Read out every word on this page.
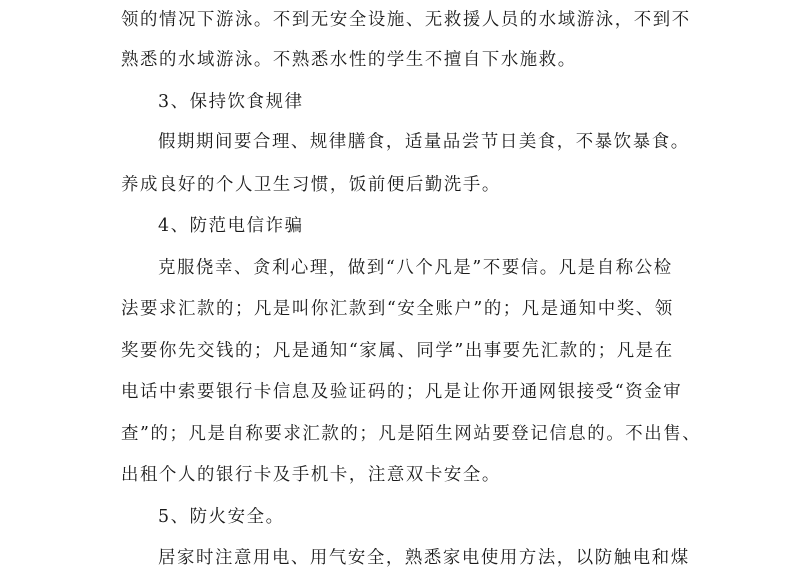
领的情况下游泳。不到无安全设施、无救援人员的水域游泳，不到不
熟悉的水域游泳。不熟悉水性的学生不擅自下水施救。
3、保持饮食规律
假期期间要合理、规律膳食，适量品尝节日美食，不暴饮暴食。
养成良好的个人卫生习惯，饭前便后勤洗手。
4、防范电信诈骗
克服侥幸、贪利心理，做到“八个凡是”不要信。凡是自称公检
法要求汇款的；凡是叫你汇款到“安全账户”的；凡是通知中奖、领
奖要你先交钱的；凡是通知“家属、同学”出事要先汇款的；凡是在
电话中索要银行卡信息及验证码的；凡是让你开通网银接受“资金审
查”的；凡是自称要求汇款的；凡是陌生网站要登记信息的。不出售、
出租个人的银行卡及手机卡，注意双卡安全。
5、防火安全。
居家时注意用电、用气安全，熟悉家电使用方法，以防触电和煤
